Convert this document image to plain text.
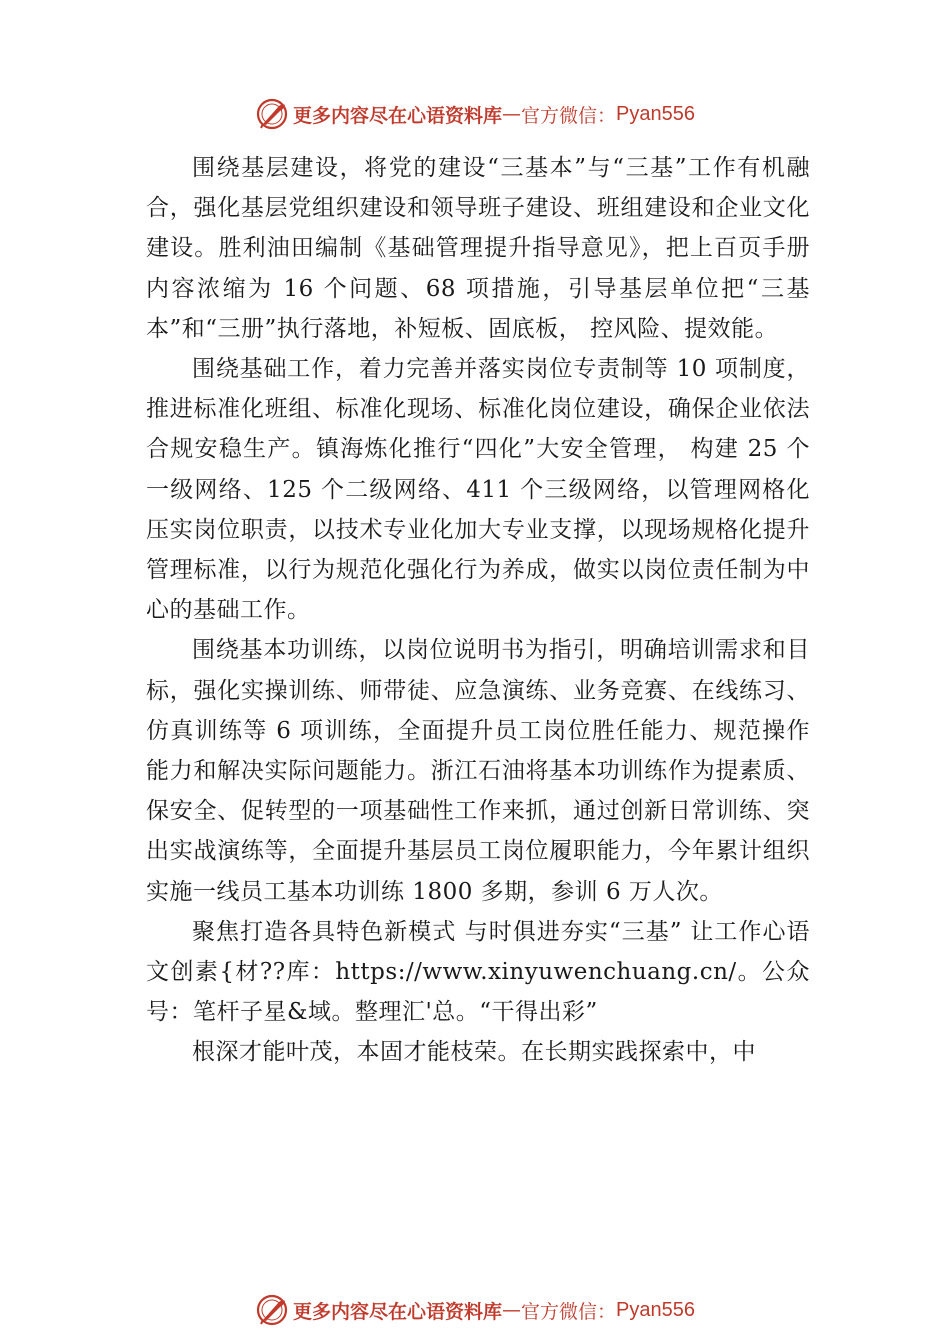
更多内容尽在心语资料库 — 官方微信： Pyan556

围绕基层建设，将党的建设“三基本”与“三基”工作有机融合，强化基层党组织建设和领导班子建设、班组建设和企业文化建设。胜利油田编制《基础管理提升指导意见》，把上百页手册内容浓缩为 16 个问题、68 项措施，引导基层单位把“三基本”和“三册”执行落地，补短板、固底板， 控风险、提效能。

围绕基础工作，着力完善并落实岗位专责制等 10 项制度，推进标准化班组、标准化现场、标准化岗位建设，确保企业依法合规安稳生产。镇海炼化推行“四化”大安全管理， 构建 25 个一级网络、125 个二级网络、411 个三级网络，以管理网格化压实岗位职责，以技术专业化加大专业支撑，以现场规格化提升管理标准，以行为规范化强化行为养成，做实以岗位责任制为中心的基础工作。

围绕基本功训练，以岗位说明书为指引，明确培训需求和目标，强化实操训练、师带徒、应急演练、业务竞赛、在线练习、仿真训练等 6 项训练，全面提升员工岗位胜任能力、规范操作能力和解决实际问题能力。浙江石油将基本功训练作为提素质、保安全、促转型的一项基础性工作来抓，通过创新日常训练、突出实战演练等，全面提升基层员工岗位履职能力，今年累计组织实施一线员工基本功训练 1800 多期，参训 6 万人次。

聚焦打造各具特色新模式 与时俱进夯实“三基” 让工作心语文创素{材??库：https://www.xinyuwenchuang.cn/。公众号：笔杆子星&域。整理汇'总。“干得出彩”

根深才能叶茂，本固才能枝荣。在长期实践探索中，中

更多内容尽在心语资料库 — 官方微信： Pyan556
